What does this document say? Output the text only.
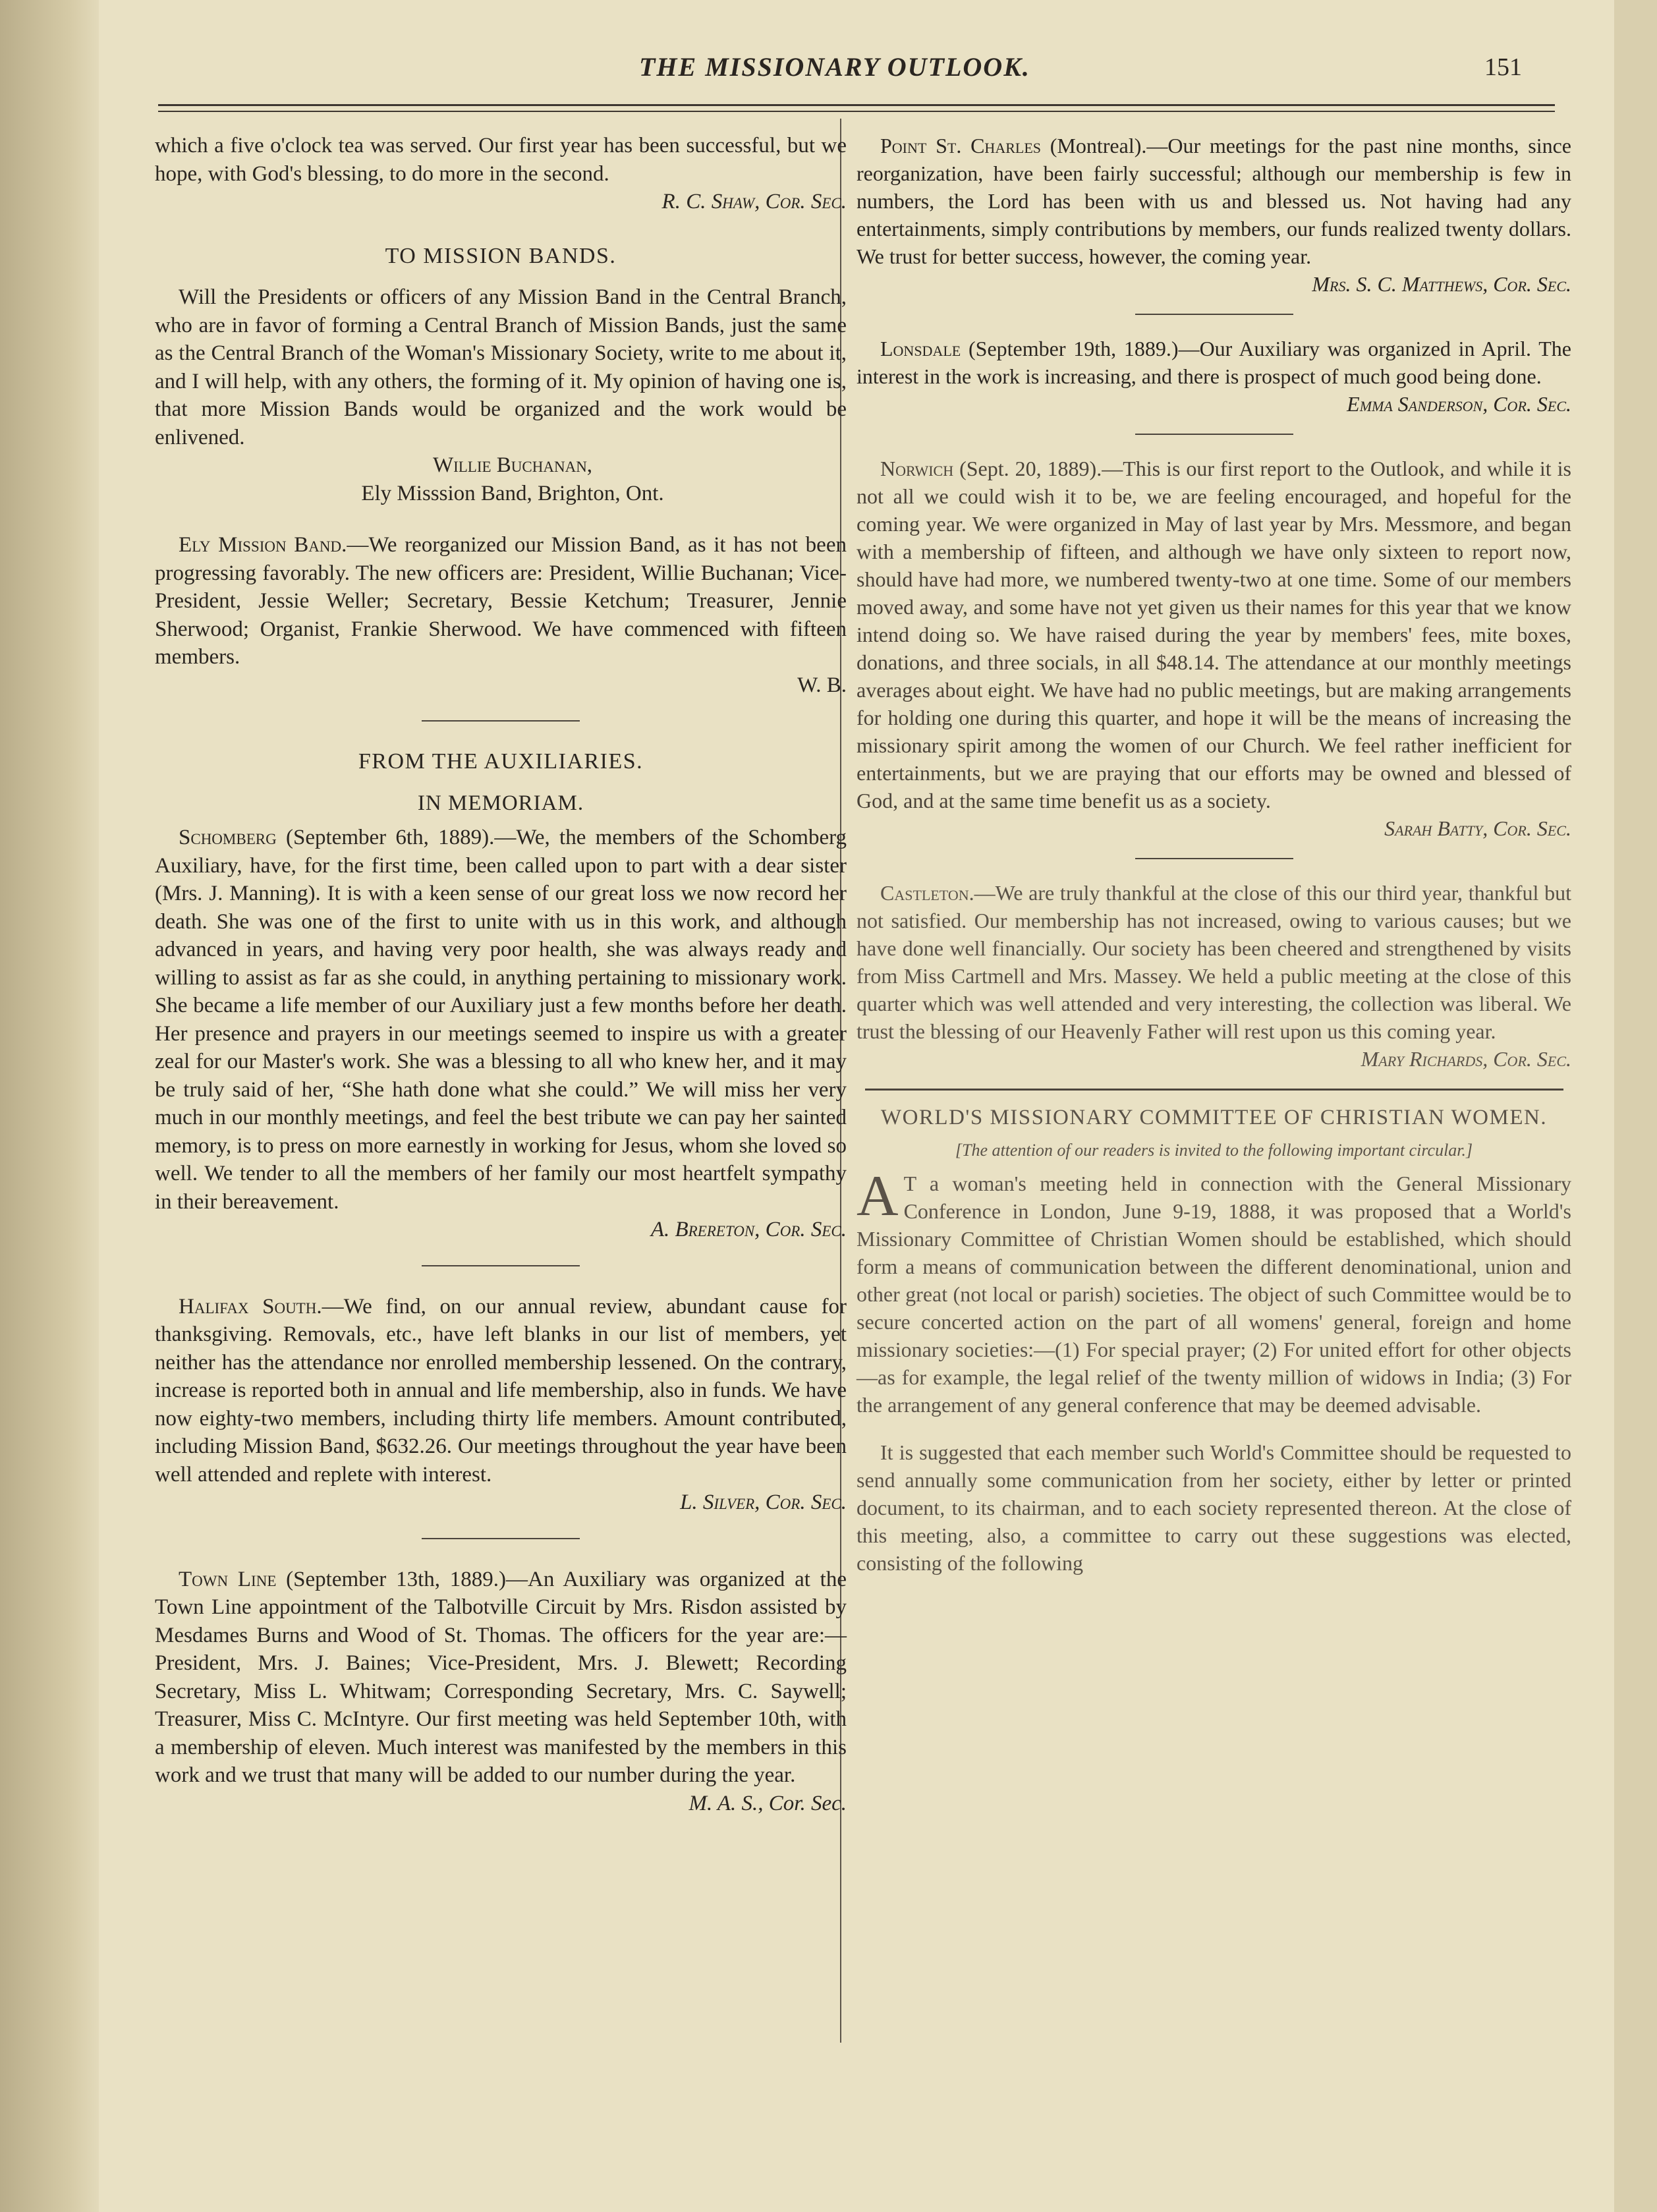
THE MISSIONARY OUTLOOK.	151

which a five o'clock tea was served. Our first year has been successful, but we hope, with God's blessing, to do more in the second.

R. C. Shaw, Cor. Sec.

TO MISSION BANDS.

Will the Presidents or officers of any Mission Band in the Central Branch, who are in favor of forming a Central Branch of Mission Bands, just the same as the Central Branch of the Woman's Missionary Society, write to me about it, and I will help, with any others, the forming of it. My opinion of having one is, that more Mission Bands would be organized and the work would be enlivened.

Willie Buchanan,

Ely Misssion Band, Brighton, Ont.

Ely Mission Band.—We reorganized our Mission Band, as it has not been progressing favorably. The new officers are: President, Willie Buchanan; Vice-President, Jessie Weller; Secretary, Bessie Ketchum; Treasurer, Jennie Sherwood; Organist, Frankie Sherwood. We have commenced with fifteen members.

W. B.

FROM THE AUXILIARIES.
IN MEMORIAM.

Schomberg (September 6th, 1889).—We, the members of the Schomberg Auxiliary, have, for the first time, been called upon to part with a dear sister (Mrs. J. Manning). It is with a keen sense of our great loss we now record her death. She was one of the first to unite with us in this work, and although advanced in years, and having very poor health, she was always ready and willing to assist as far as she could, in anything pertaining to missionary work. She became a life member of our Auxiliary just a few months before her death. Her presence and prayers in our meetings seemed to inspire us with a greater zeal for our Master's work. She was a blessing to all who knew her, and it may be truly said of her, “She hath done what she could.” We will miss her very much in our monthly meetings, and feel the best tribute we can pay her sainted memory, is to press on more earnestly in working for Jesus, whom she loved so well. We tender to all the members of her family our most heartfelt sympathy in their bereavement.

A. Brereton, Cor. Sec.

Halifax South.—We find, on our annual review, abundant cause for thanksgiving. Removals, etc., have left blanks in our list of members, yet neither has the attendance nor enrolled membership lessened. On the contrary, increase is reported both in annual and life membership, also in funds. We have now eighty-two members, including thirty life members. Amount contributed, including Mission Band, $632.26. Our meetings throughout the year have been well attended and replete with interest.

L. Silver, Cor. Sec.

Town Line (September 13th, 1889.)—An Auxiliary was organized at the Town Line appointment of the Talbotville Circuit by Mrs. Risdon assisted by Mesdames Burns and Wood of St. Thomas. The officers for the year are:—President, Mrs. J. Baines; Vice-President, Mrs. J. Blewett; Recording Secretary, Miss L. Whitwam; Corresponding Secretary, Mrs. C. Saywell; Treasurer, Miss C. McIntyre. Our first meeting was held September 10th, with a membership of eleven. Much interest was manifested by the members in this work and we trust that many will be added to our number during the year.

M. A. S., Cor. Sec.

Point St. Charles (Montreal).—Our meetings for the past nine months, since reorganization, have been fairly successful; although our membership is few in numbers, the Lord has been with us and blessed us. Not having had any entertainments, simply contributions by members, our funds realized twenty dollars. We trust for better success, however, the coming year.

Mrs. S. C. Matthews, Cor. Sec.

Lonsdale (September 19th, 1889.)—Our Auxiliary was organized in April. The interest in the work is increasing, and there is prospect of much good being done.

Emma Sanderson, Cor. Sec.

Norwich (Sept. 20, 1889).—This is our first report to the Outlook, and while it is not all we could wish it to be, we are feeling encouraged, and hopeful for the coming year. We were organized in May of last year by Mrs. Messmore, and began with a membership of fifteen, and although we have only sixteen to report now, should have had more, we numbered twenty-two at one time. Some of our members moved away, and some have not yet given us their names for this year that we know intend doing so. We have raised during the year by members' fees, mite boxes, donations, and three socials, in all $48.14. The attendance at our monthly meetings averages about eight. We have had no public meetings, but are making arrangements for holding one during this quarter, and hope it will be the means of increasing the missionary spirit among the women of our Church. We feel rather inefficient for entertainments, but we are praying that our efforts may be owned and blessed of God, and at the same time benefit us as a society.

Sarah Batty, Cor. Sec.

Castleton.—We are truly thankful at the close of this our third year, thankful but not satisfied. Our membership has not increased, owing to various causes; but we have done well financially. Our society has been cheered and strengthened by visits from Miss Cartmell and Mrs. Massey. We held a public meeting at the close of this quarter which was well attended and very interesting, the collection was liberal. We trust the blessing of our Heavenly Father will rest upon us this coming year.

Mary Richards, Cor. Sec.

WORLD'S MISSIONARY COMMITTEE OF CHRISTIAN WOMEN.
[The attention of our readers is invited to the following important circular.]

A T a woman's meeting held in connection with the General Missionary Conference in London, June 9-19, 1888, it was proposed that a World's Missionary Committee of Christian Women should be established, which should form a means of communication between the different denominational, union and other great (not local or parish) societies. The object of such Committee would be to secure concerted action on the part of all womens' general, foreign and home missionary societies:—(1) For special prayer; (2) For united effort for other objects—as for example, the legal relief of the twenty million of widows in India; (3) For the arrangement of any general conference that may be deemed advisable.

It is suggested that each member such World's Committee should be requested to send annually some communication from her society, either by letter or printed document, to its chairman, and to each society represented thereon. At the close of this meeting, also, a committee to carry out these suggestions was elected, consisting of the following
